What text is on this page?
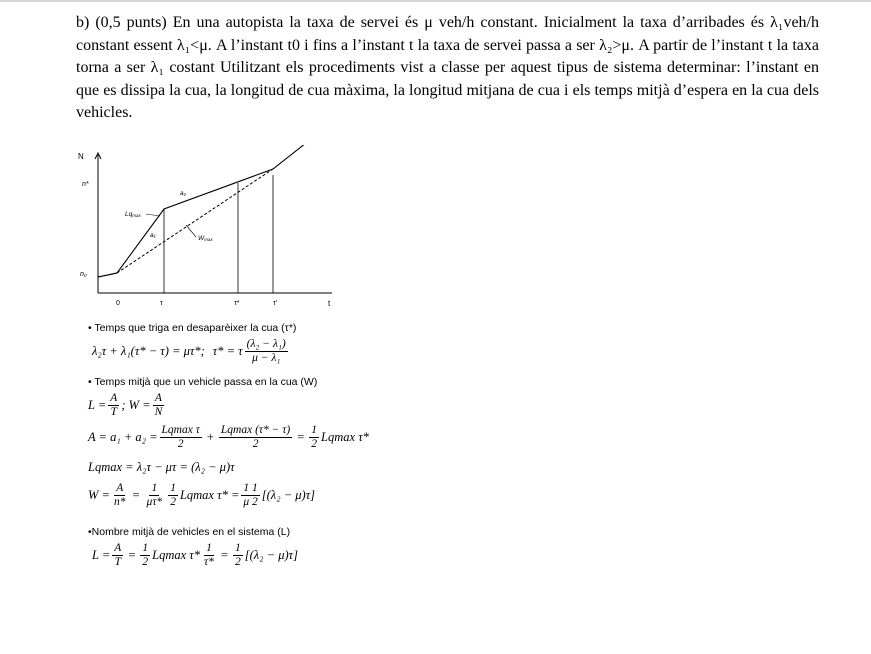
b) (0,5 punts) En una autopista la taxa de servei és μ veh/h constant. Inicialment la taxa d’arribades és λ₁veh/h constant essent λ₁<μ. A l’instant t0 i fins a l’instant t la taxa de servei passa a ser λ₂>μ. A partir de l’instant t la taxa torna a ser λ₁ costant Utilitzant els procediments vist a classe per aquest tipus de sistema determinar: l’instant en que es dissipa la cua, la longitud de cua màxima, la longitud mitjana de cua i els temps mitjà d’espera en la cua dels vehicles.
N
t
n*
n₀
0	τ	τ*	τ'
a₂
a₁
Lqmax
Wmax
• Temps que triga en desaparèixer la cua (τ*)
λ₂τ + λ₁(τ* − τ) = μτ*; τ* = τ $\frac{\text{(λ₂ − λ₁)}}{\text{μ − λ₁}}$
• Temps mitjà que un vehicle passa en la cua (W)
$L = \frac{A}{T}$ ; $W = \frac{A}{N}$
$A = a_1 + a_2 = \frac{\text{Lqmax τ}}{2} + \frac{Lqmax (\tau* - \tau)}{2} = \frac{1}{2}$ Lqmax τ*
Lqmax = λ₂τ − μτ = (λ₂ − μ)τ
$W = \frac{A}{n*} = \frac{1}{\mu\tau*} \frac{1}{2}$ Lqmax $\tau* = \frac{1 1}{\mu 2} [(\lambda_2 - \mu)\tau]$
•Nombre mitjà de vehicles en el sistema (L)
$L = \frac{A}{T} = \frac{1}{2}$ Lqmax $\tau* \frac{1}{\tau*} = \frac{1}{2} [(\lambda_2 - \mu)\tau]$
